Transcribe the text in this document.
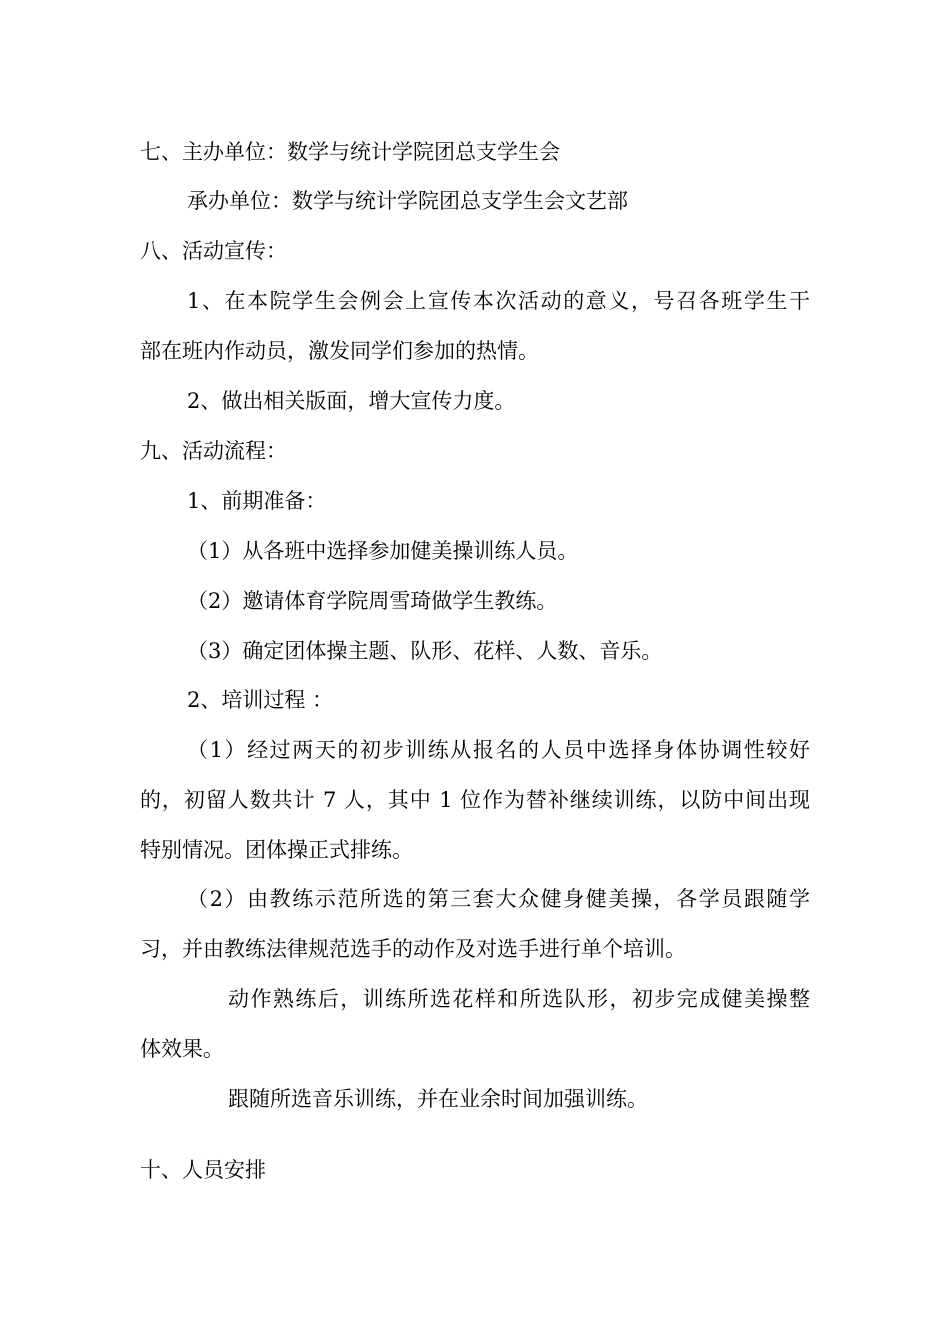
七、主办单位：数学与统计学院团总支学生会

承办单位：数学与统计学院团总支学生会文艺部

八、活动宣传：

1、在本院学生会例会上宣传本次活动的意义，号召各班学生干

部在班内作动员，激发同学们参加的热情。

2、做出相关版面，增大宣传力度。

九、活动流程：

1、前期准备：

（1）从各班中选择参加健美操训练人员。

（2）邀请体育学院周雪琦做学生教练。

（3）确定团体操主题、队形、花样、人数、音乐。

2、培训过程 ：

（1）经过两天的初步训练从报名的人员中选择身体协调性较好

的，初留人数共计 7 人，其中 1 位作为替补继续训练，以防中间出现

特别情况。团体操正式排练。

（2）由教练示范所选的第三套大众健身健美操，各学员跟随学

习，并由教练法律规范选手的动作及对选手进行单个培训。

动作熟练后，训练所选花样和所选队形，初步完成健美操整

体效果。

跟随所选音乐训练，并在业余时间加强训练。

十、人员安排
